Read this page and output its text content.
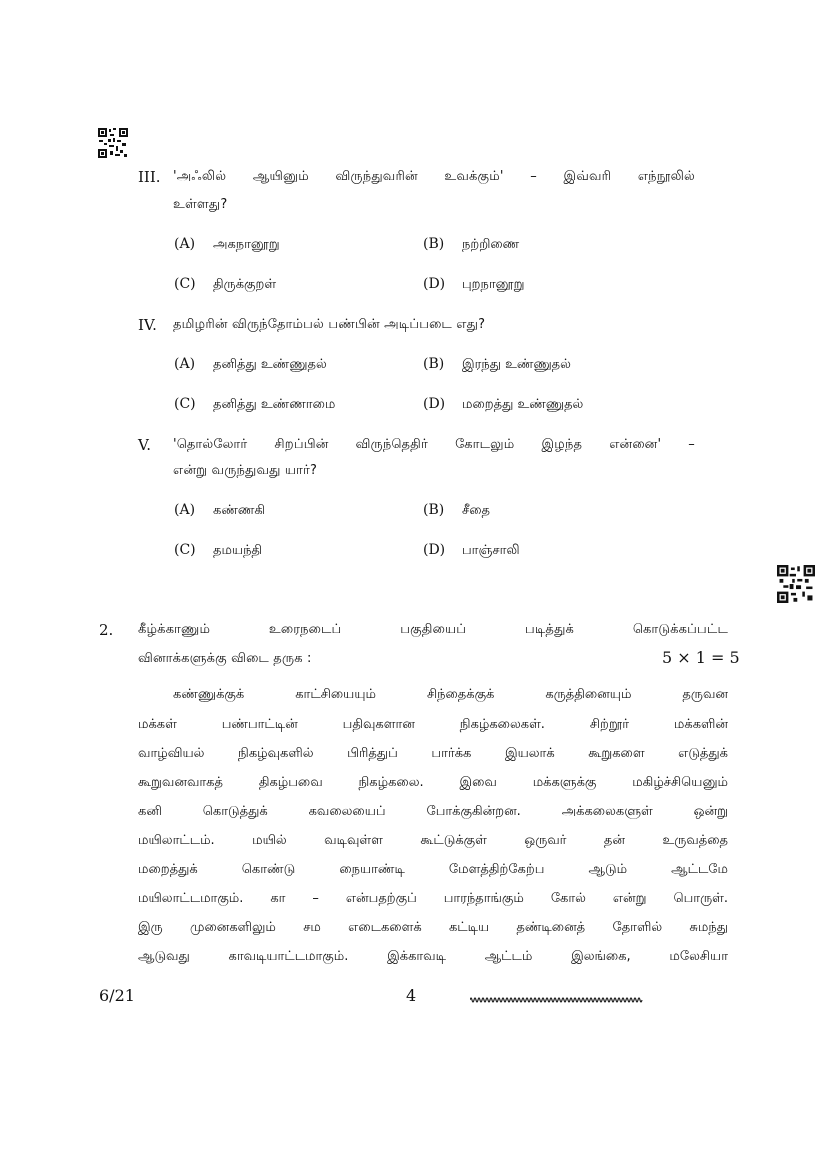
III. 'அஃலில் ஆயினும் விருந்துவரின் உவக்கும்' – இவ்வரி எந்நூலில்
உள்ளது?
(A) அகநானூறு	(B) நற்றிணை
(C) திருக்குறள்	(D) புறநானூறு
IV. தமிழரின் விருந்தோம்பல் பண்பின் அடிப்படை எது?
(A) தனித்து உண்ணுதல்	(B) இரந்து உண்ணுதல்
(C) தனித்து உண்ணாமை	(D) மறைத்து உண்ணுதல்
V. 'தொல்லோர் சிறப்பின் விருந்தெதிர் கோடலும் இழந்த என்னை' –
என்று வருந்துவது யார்?
(A) கண்ணகி	(B) சீதை
(C) தமயந்தி	(D) பாஞ்சாலி
2. கீழ்க்காணும் உரைநடைப் பகுதியைப் படித்துக் கொடுக்கப்பட்ட
வினாக்களுக்கு விடை தருக :	5 × 1 = 5
கண்ணுக்குக் காட்சியையும் சிந்தைக்குக் கருத்தினையும் தருவன
மக்கள் பண்பாட்டின் பதிவுகளான நிகழ்கலைகள். சிற்றூர் மக்களின்
வாழ்வியல் நிகழ்வுகளில் பிரித்துப் பார்க்க இயலாக் கூறுகளை எடுத்துக்
கூறுவனவாகத் திகழ்பவை நிகழ்கலை. இவை மக்களுக்கு மகிழ்ச்சியெனும்
கனி கொடுத்துக் கவலையைப் போக்குகின்றன. அக்கலைகளுள் ஒன்று
மயிலாட்டம். மயில் வடிவுள்ள கூட்டுக்குள் ஒருவர் தன் உருவத்தை
மறைத்துக் கொண்டு நையாண்டி மேளத்திற்கேற்ப ஆடும் ஆட்டமே
மயிலாட்டமாகும். கா – என்பதற்குப் பாரந்தாங்கும் கோல் என்று பொருள்.
இரு முனைகளிலும் சம எடைகளைக் கட்டிய தண்டினைத் தோளில் சுமந்து
ஆடுவது காவடியாட்டமாகும். இக்காவடி ஆட்டம் இலங்கை, மலேசியா
6/21	4
